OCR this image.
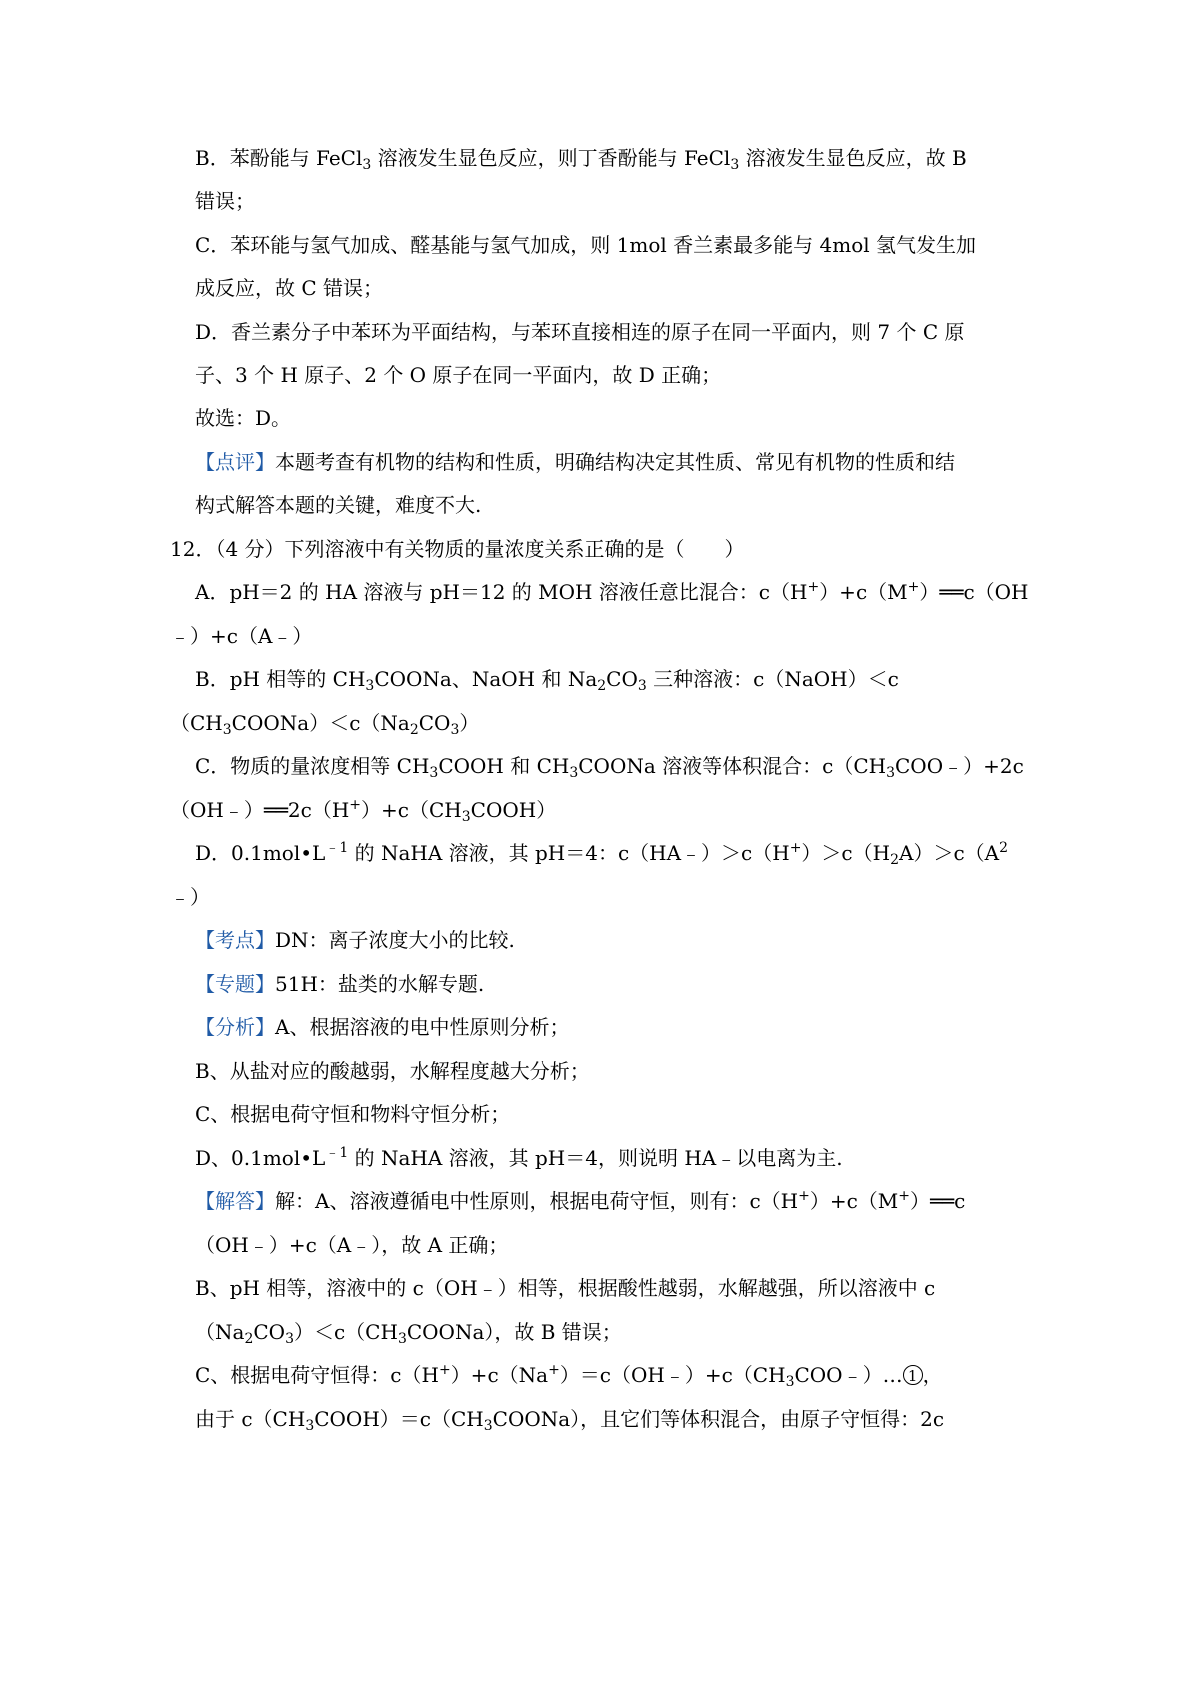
B．苯酚能与 FeCl$_3$ 溶液发生显色反应，则丁香酚能与 FeCl$_3$ 溶液发生显色反应，故 B
错误；
C．苯环能与氢气加成、醛基能与氢气加成，则 1mol 香兰素最多能与 4mol 氢气发生加
成反应，故 C 错误；
D．香兰素分子中苯环为平面结构，与苯环直接相连的原子在同一平面内，则 7 个 C 原
子、3 个 H 原子、2 个 O 原子在同一平面内，故 D 正确；
故选：D。
【点评】本题考查有机物的结构和性质，明确结构决定其性质、常见有机物的性质和结
构式解答本题的关键，难度不大.
12．（4 分）下列溶液中有关物质的量浓度关系正确的是（　　）
A．pH＝2 的 HA 溶液与 pH＝12 的 MOH 溶液任意比混合：c（H+）+c（M+）══c（OH
﹣）+c（A﹣）
B．pH 相等的 $CH_3COONa$、NaOH 和 $Na_2CO_3$ 三种溶液：c（NaOH）＜c
$(CH_3COONa)<c(Na_2CO_3)$
C．物质的量浓度相等 $CH_3COOH$ 和 $CH_3COONa$ 溶液等体积混合：$c(CH_3COO﹣)+2c$
$(OH﹣)══2c(H^+)+c(CH_3COOH)$
D．$0.1mol•L^{﹣1}$ 的 NaHA 溶液，其 pH＝4：$c(HA﹣)>c(H^+)>c(H_2A)>c(A^2$
﹣）
【考点】DN：离子浓度大小的比较.
【专题】51H：盐类的水解专题.
【分析】A、根据溶液的电中性原则分析；
B、从盐对应的酸越弱，水解程度越大分析；
C、根据电荷守恒和物料守恒分析；
D、$0.1mol•L^{﹣1}$ 的 NaHA 溶液，其 pH＝4，则说明 HA﹣以电离为主.
【解答】解：A、溶液遵循电中性原则，根据电荷守恒，则有：c（H+）+c（M+）══c
（OH﹣）+c（A﹣），故 A 正确；
B、pH 相等，溶液中的 c（OH﹣）相等，根据酸性越弱，水解越强，所以溶液中 c
$(Na_2CO_3)<c(CH_3COONa)$，故 B 错误；
C、根据电荷守恒得：$c(H^+)+c(Na^+)=c(OH﹣)+c(CH_3COO﹣)\dots$ 1 ，
由于 $c(CH_3COOH)=c(CH_3COONa)$，且它们等体积混合，由原子守恒得：2c
